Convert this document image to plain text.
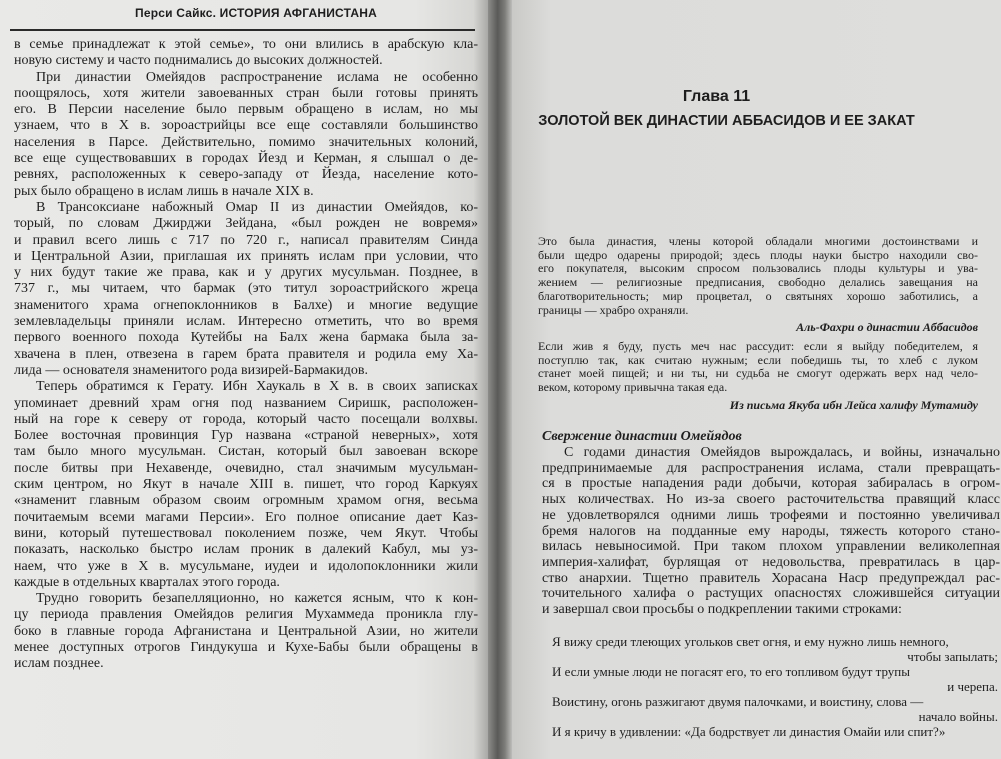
Перси Сайкс. ИСТОРИЯ АФГАНИСТАНА
в семье принадлежат к этой семье», то они влились в арабскую кла-
новую систему и часто поднимались до высоких должностей.
При династии Омейядов распространение ислама не особенно
поощрялось, хотя жители завоеванных стран были готовы принять
его. В Персии население было первым обращено в ислам, но мы
узнаем, что в X в. зороастрийцы все еще составляли большинство
населения в Парсе. Действительно, помимо значительных колоний,
все еще существовавших в городах Йезд и Керман, я слышал о де-
ревнях, расположенных к северо-западу от Йезда, население кото-
рых было обращено в ислам лишь в начале XIX в.
В Трансоксиане набожный Омар II из династии Омейядов, ко-
торый, по словам Джирджи Зейдана, «был рожден не вовремя»
и правил всего лишь с 717 по 720 г., написал правителям Синда
и Центральной Азии, приглашая их принять ислам при условии, что
у них будут такие же права, как и у других мусульман. Позднее, в
737 г., мы читаем, что бармак (это титул зороастрийского жреца
знаменитого храма огнепоклонников в Балхе) и многие ведущие
землевладельцы приняли ислам. Интересно отметить, что во время
первого военного похода Кутейбы на Балх жена бармака была за-
хвачена в плен, отвезена в гарем брата правителя и родила ему Ха-
лида — основателя знаменитого рода визирей-Бармакидов.
Теперь обратимся к Герату. Ибн Хаукаль в X в. в своих записках
упоминает древний храм огня под названием Сиришк, расположен-
ный на горе к северу от города, который часто посещали волхвы.
Более восточная провинция Гур названа «страной неверных», хотя
там было много мусульман. Систан, который был завоеван вскоре
после битвы при Нехавенде, очевидно, стал значимым мусульман-
ским центром, но Якут в начале XIII в. пишет, что город Каркуях
«знаменит главным образом своим огромным храмом огня, весьма
почитаемым всеми магами Персии». Его полное описание дает Каз-
вини, который путешествовал поколением позже, чем Якут. Чтобы
показать, насколько быстро ислам проник в далекий Кабул, мы уз-
наем, что уже в X в. мусульмане, иудеи и идолопоклонники жили
каждые в отдельных кварталах этого города.
Трудно говорить безапелляционно, но кажется ясным, что к кон-
цу периода правления Омейядов религия Мухаммеда проникла глу-
боко в главные города Афганистана и Центральной Азии, но жители
менее доступных отрогов Гиндукуша и Кухе-Бабы были обращены в
ислам позднее.
Глава 11
ЗОЛОТОЙ ВЕК ДИНАСТИИ АББАСИДОВ И ЕЕ ЗАКАТ
Это была династия, члены которой обладали многими достоинствами и
были щедро одарены природой; здесь плоды науки быстро находили сво-
его покупателя, высоким спросом пользовались плоды культуры и ува-
жением — религиозные предписания, свободно делались завещания на
благотворительность; мир процветал, о святынях хорошо заботились, а
границы — храбро охраняли.
Аль-Фахри о династии Аббасидов
Если жив я буду, пусть меч нас рассудит: если я выйду победителем, я
поступлю так, как считаю нужным; если победишь ты, то хлеб с луком
станет моей пищей; и ни ты, ни судьба не смогут одержать верх над чело-
веком, которому привычна такая еда.
Из письма Якуба ибн Лейса халифу Мутамиду
Свержение династии Омейядов
С годами династия Омейядов вырождалась, и войны, изначально
предпринимаемые для распространения ислама, стали превращать-
ся в простые нападения ради добычи, которая забиралась в огром-
ных количествах. Но из-за своего расточительства правящий класс
не удовлетворялся одними лишь трофеями и постоянно увеличивал
бремя налогов на подданные ему народы, тяжесть которого стано-
вилась невыносимой. При таком плохом управлении великолепная
империя-халифат, бурлящая от недовольства, превратилась в цар-
ство анархии. Тщетно правитель Хорасана Наср предупреждал рас-
точительного халифа о растущих опасностях сложившейся ситуации
и завершал свои просьбы о подкреплении такими строками:
Я вижу среди тлеющих угольков свет огня, и ему нужно лишь немного,
чтобы запылать;
И если умные люди не погасят его, то его топливом будут трупы
и черепа.
Воистину, огонь разжигают двумя палочками, и воистину, слова —
начало войны.
И я кричу в удивлении: «Да бодрствует ли династия Омайи или спит?»
